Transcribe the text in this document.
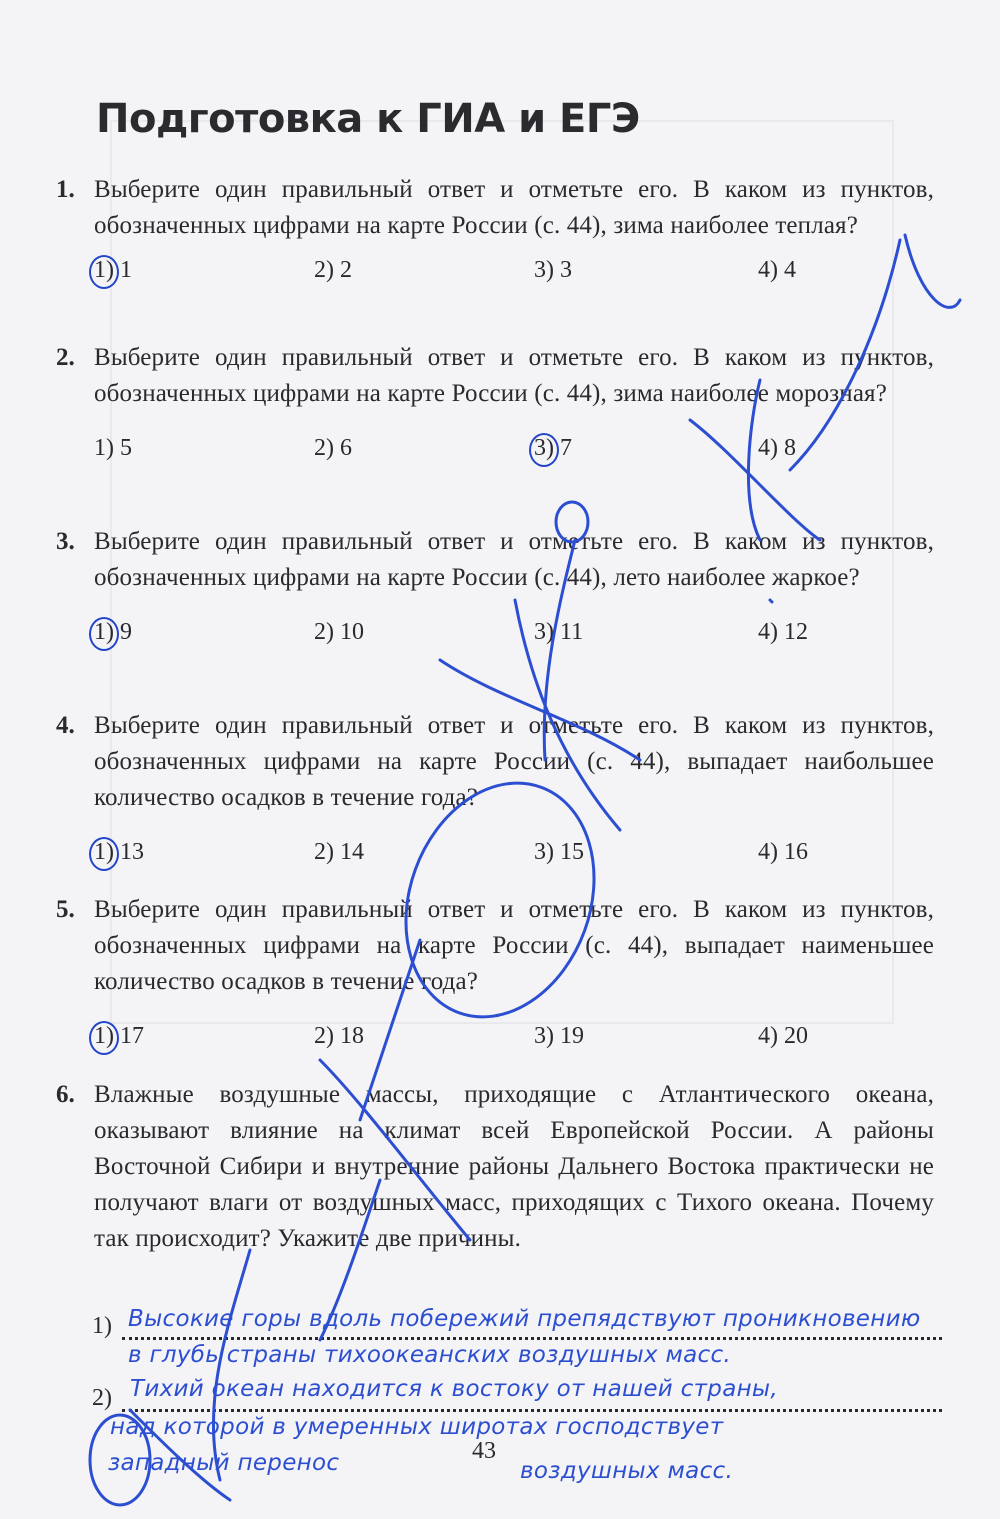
Подготовка к ГИА и ЕГЭ
1. Выберите один правильный ответ и отметьте его. В каком из пунктов, обозначенных цифрами на карте России (с. 44), зима наиболее теплая?
1) 1	2) 2	3) 3	4) 4
2. Выберите один правильный ответ и отметьте его. В каком из пунктов, обозначенных цифрами на карте России (с. 44), зима наиболее морозная?
1) 5	2) 6	3) 7	4) 8
3. Выберите один правильный ответ и отметьте его. В каком из пунктов, обозначенных цифрами на карте России (с. 44), лето наиболее жаркое?
1) 9	2) 10	3) 11	4) 12
4. Выберите один правильный ответ и отметьте его. В каком из пунктов, обозначенных цифрами на карте России (с. 44), выпадает наибольшее количество осадков в течение года?
1) 13	2) 14	3) 15	4) 16
5. Выберите один правильный ответ и отметьте его. В каком из пунктов, обозначенных цифрами на карте России (с. 44), выпадает наименьшее количество осадков в течение года?
1) 17	2) 18	3) 19	4) 20
6. Влажные воздушные массы, приходящие с Атлантического океана, оказывают влияние на климат всей Европейской России. А районы Восточной Сибири и внутренние районы Дальнего Востока практически не получают влаги от воздушных масс, приходящих с Тихого океана. Почему так происходит? Укажите две причины.
1)
2)
Высокие горы вдоль побережий препядствуют проникновению
в глубь страны тихоокеанских воздушных масс.
Тихий океан находится к востоку от нашей страны,
над которой в умеренных широтах господствует
западный перенос	воздушных масс.
43
